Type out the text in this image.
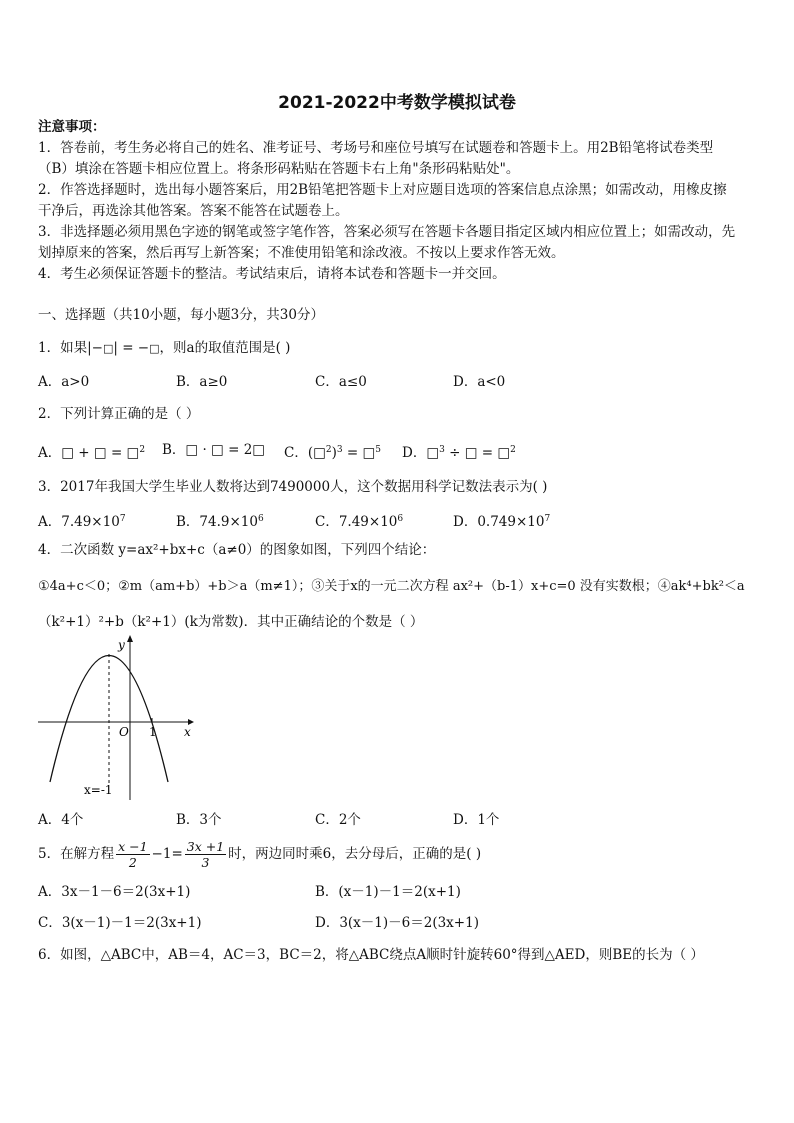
2021-2022中考数学模拟试卷
注意事项：
1．答卷前，考生务必将自己的姓名、准考证号、考场号和座位号填写在试题卷和答题卡上。用2B铅笔将试卷类型
（B）填涂在答题卡相应位置上。将条形码粘贴在答题卡右上角"条形码粘贴处"。
2．作答选择题时，选出每小题答案后，用2B铅笔把答题卡上对应题目选项的答案信息点涂黑；如需改动，用橡皮擦
干净后，再选涂其他答案。答案不能答在试题卷上。
3．非选择题必须用黑色字迹的钢笔或签字笔作答，答案必须写在答题卡各题目指定区域内相应位置上；如需改动，先
划掉原来的答案，然后再写上新答案；不准使用铅笔和涂改液。不按以上要求作答无效。
4．考生必须保证答题卡的整洁。考试结束后，请将本试卷和答题卡一并交回。
一、选择题（共10小题，每小题3分，共30分）
1．如果|−□| = −□，则a的取值范围是( )
A．a>0	B．a≥0	C．a≤0	D．a<0
2．下列计算正确的是（ ）
A．□ + □ = □$^2$ B．□ · □ = 2□ C．(□$^2$)$^3$ = □$^5$ D．□$^3$ ÷ □ = □$^2$
3．2017年我国大学生毕业人数将达到7490000人，这个数据用科学记数法表示为( )
A．$7.49\times 10^7$	B．$74.9\times 10^6$	C．$7.49\times 10^6$	D．$0.749\times 10^7$
4．二次函数 y=ax²+bx+c（a≠0）的图象如图，下列四个结论：
①4a+c＜0；②m（am+b）+b＞a（m≠1）；③关于x的一元二次方程 ax²+（b-1）x+c=0 没有实数根；④ak⁴+bk²＜a
（k²+1）²+b（k²+1）(k为常数)．其中正确结论的个数是（ ）
y
x
O 1
x=-1
A．4个	B．3个	C．2个	D．1个
5．在解方程 $\frac{x -1}{2} -1= \frac{3x +1}{3}$ 时，两边同时乘6，去分母后，正确的是( )
A．3x－1－6＝2(3x+1)	B．(x－1)－1＝2(x+1)
C．3(x－1)－1＝2(3x+1)	D．3(x－1)－6＝2(3x+1)
6．如图，△ABC中，AB＝4，AC＝3，BC＝2，将△ABC绕点A顺时针旋转60°得到△AED，则BE的长为（ ）
